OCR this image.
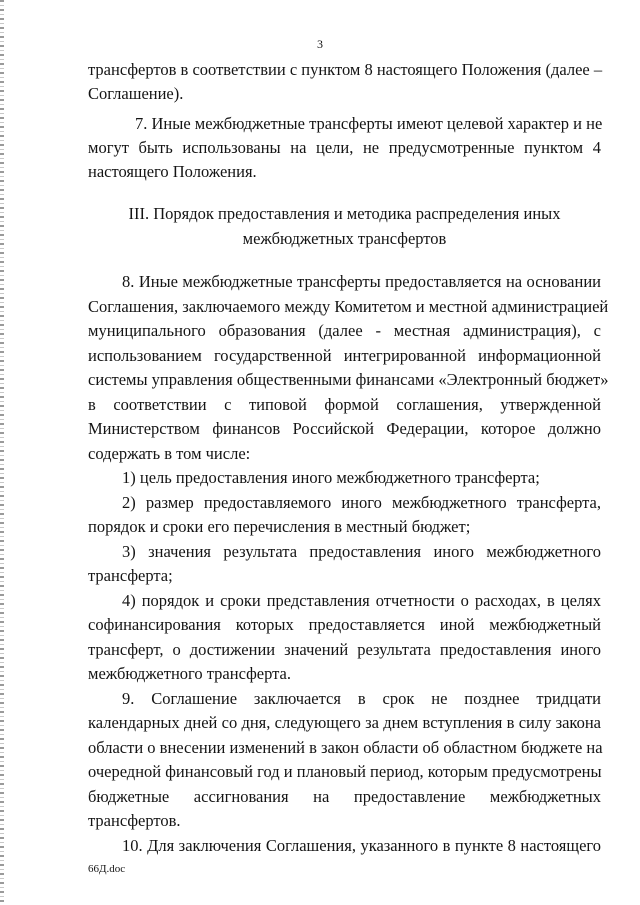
3
трансфертов в соответствии с пунктом 8 настоящего Положения (далее –
Соглашение).
7. Иные межбюджетные трансферты имеют целевой характер и не
могут быть использованы на цели, не предусмотренные пунктом 4
настоящего Положения.
III. Порядок предоставления и методика распределения иных
межбюджетных трансфертов
8. Иные межбюджетные трансферты предоставляется на основании
Соглашения, заключаемого между Комитетом и местной администрацией
муниципального образования (далее - местная администрация), с
использованием государственной интегрированной информационной
системы управления общественными финансами «Электронный бюджет»
в соответствии с типовой формой соглашения, утвержденной
Министерством финансов Российской Федерации, которое должно
содержать в том числе:
1) цель предоставления иного межбюджетного трансферта;
2) размер предоставляемого иного межбюджетного трансферта,
порядок и сроки его перечисления в местный бюджет;
3) значения результата предоставления иного межбюджетного
трансферта;
4) порядок и сроки представления отчетности о расходах, в целях
софинансирования которых предоставляется иной межбюджетный
трансферт, о достижении значений результата предоставления иного
межбюджетного трансферта.
9. Соглашение заключается в срок не позднее тридцати
календарных дней со дня, следующего за днем вступления в силу закона
области о внесении изменений в закон области об областном бюджете на
очередной финансовый год и плановый период, которым предусмотрены
бюджетные ассигнования на предоставление межбюджетных
трансфертов.
10. Для заключения Соглашения, указанного в пункте 8 настоящего
66Д.doc
